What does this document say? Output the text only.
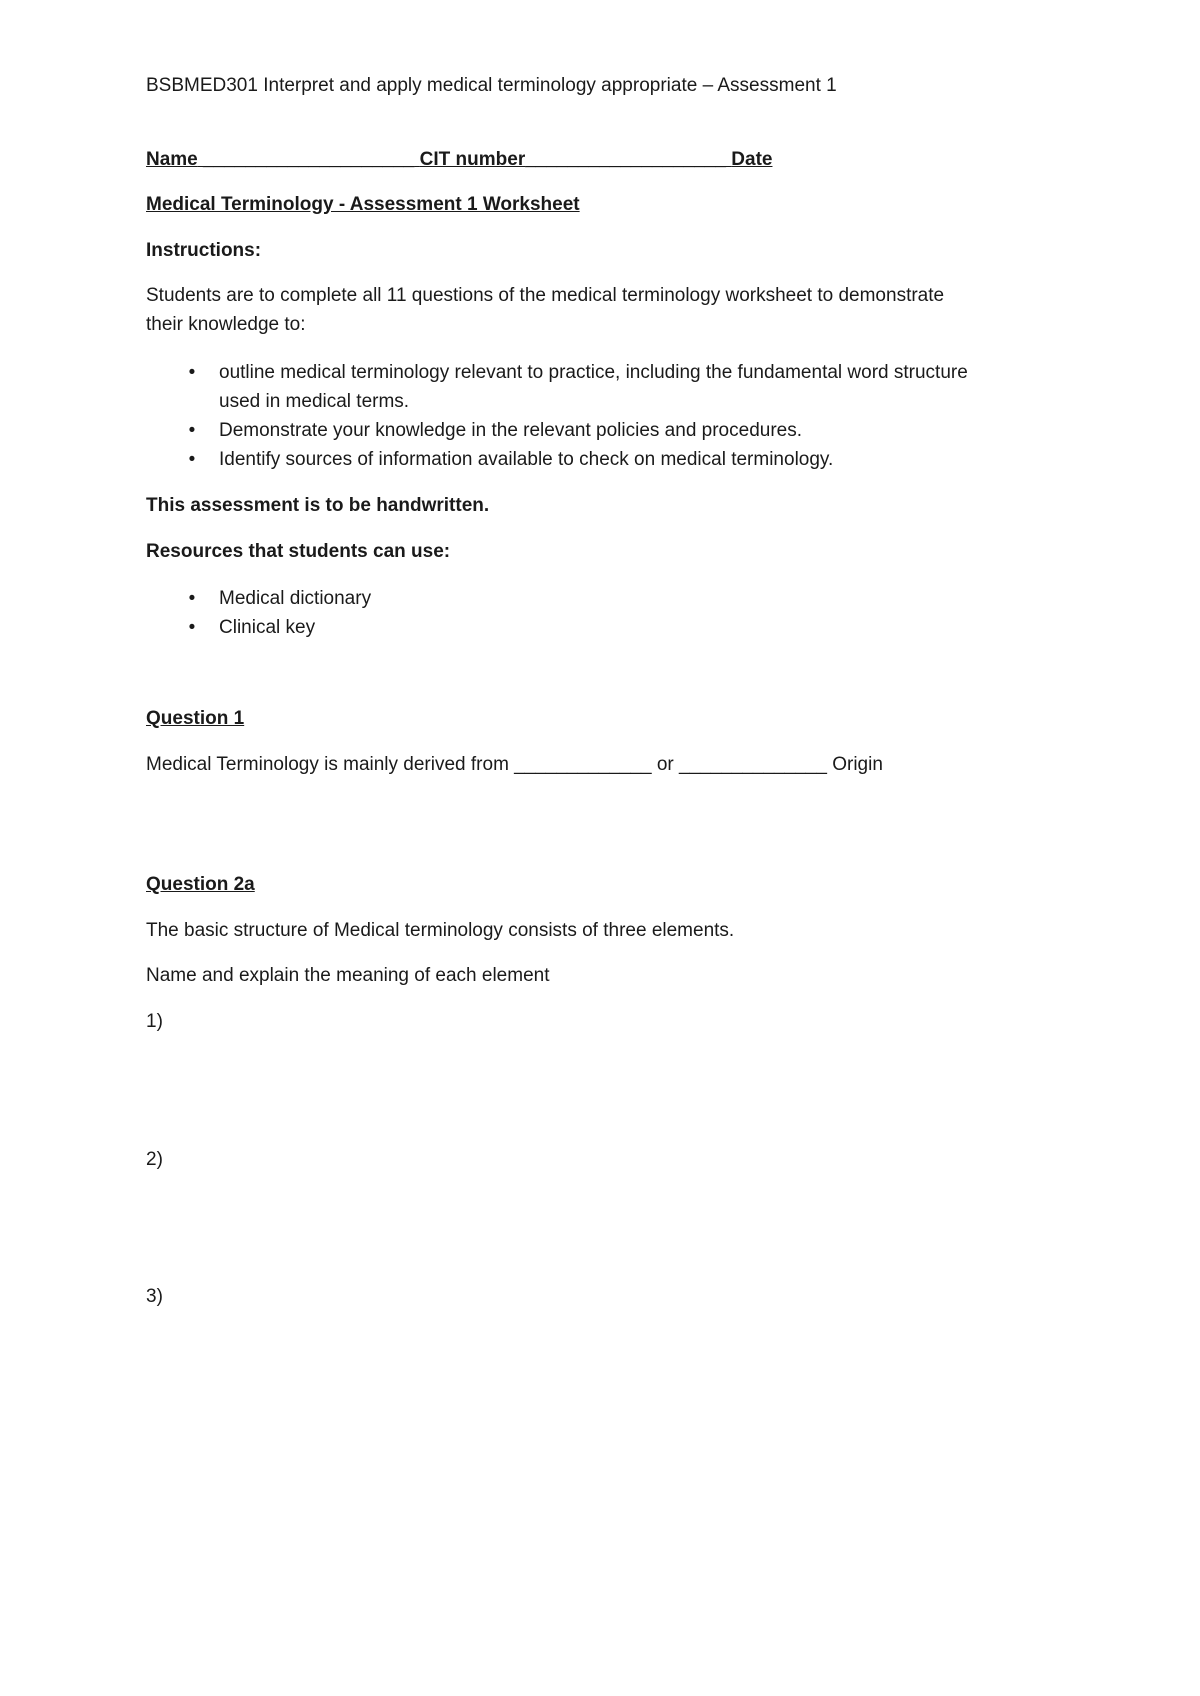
BSBMED301 Interpret and apply medical terminology appropriate – Assessment 1
Name ____________________ CIT number___________________ Date
Medical Terminology - Assessment 1 Worksheet
Instructions:
Students are to complete all 11 questions of the medical terminology worksheet to demonstrate
their knowledge to:
•	outline medical terminology relevant to practice, including the fundamental word structure
used in medical terms.
•	Demonstrate your knowledge in the relevant policies and procedures.
•	Identify sources of information available to check on medical terminology.
This assessment is to be handwritten.
Resources that students can use:
•	Medical dictionary
•	Clinical key
Question 1
Medical Terminology is mainly derived from _____________ or ______________ Origin
Question 2a
The basic structure of Medical terminology consists of three elements.
Name and explain the meaning of each element
1)
2)
3)
